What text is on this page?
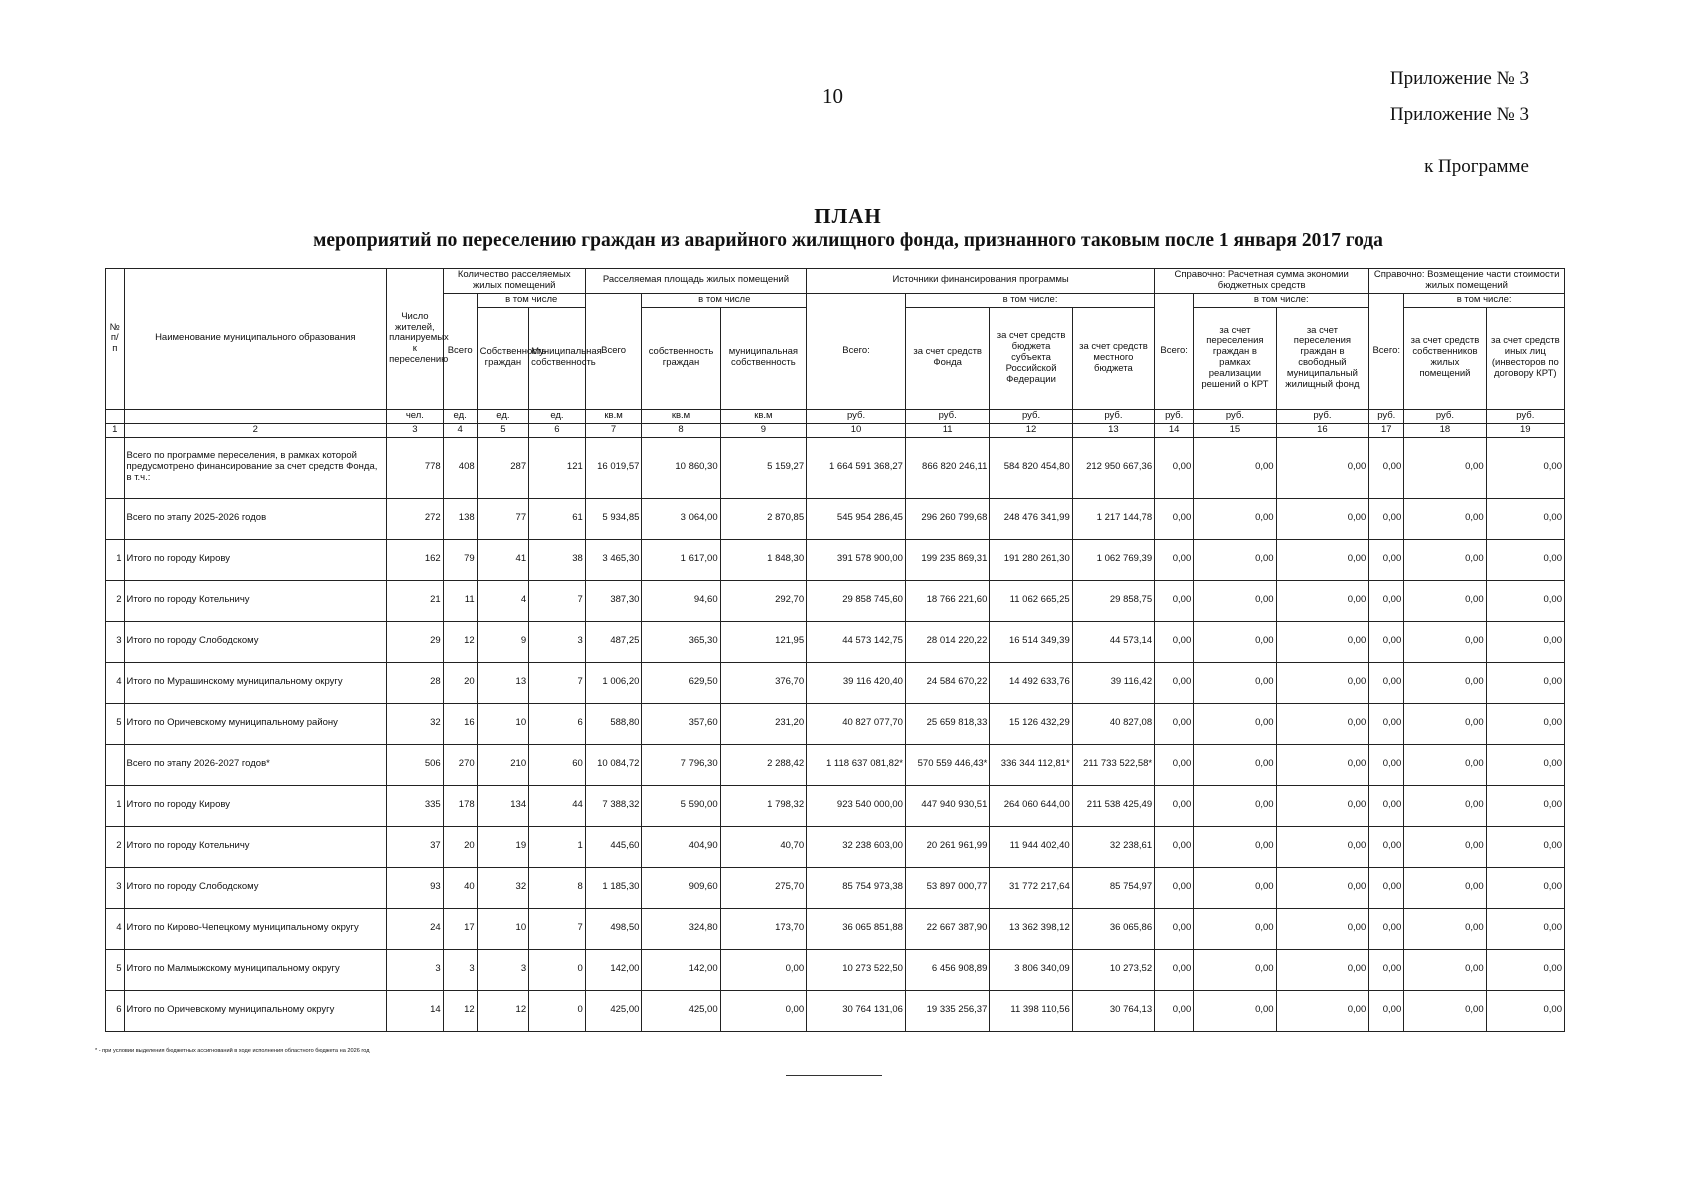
10
Приложение № 3
Приложение № 3
к Программе
ПЛАН
мероприятий по переселению граждан из аварийного жилищного фонда, признанного таковым после 1 января 2017 года
№ п/ п	Наименование муниципального образования	Число жителей, планируемых к переселению	Количество расселяемых жилых помещений			Расселяемая площадь жилых помещений			Источники финансирования программы				Справочно: Расчетная сумма экономии бюджетных средств			Справочно: Возмещение части стоимости жилых помещений		
			Всего	в том числе		Всего	в том числе		Всего:	в том числе:			Всего:	в том числе:		Всего:	в том числе:	
				Собственность граждан	Муниципальная собственность		собственность граждан	муниципальная собственность		за счет средств Фонда	за счет средств бюджета субъекта Российской Федерации	за счет средств местного бюджета		за счет переселения граждан в рамках реализации решений о КРТ	за счет переселения граждан в свободный муниципальный жилищный фонд		за счет средств собственников жилых помещений	за счет средств иных лиц (инвесторов по договору КРТ)
		чел.	ед.	ед.	ед.	кв.м	кв.м	кв.м	руб.	руб.	руб.	руб.	руб.	руб.	руб.	руб.	руб.	руб.
1	2	3	4	5	6	7	8	9	10	11	12	13	14	15	16	17	18	19
	Всего по программе переселения, в рамках которой предусмотрено финансирование за счет средств Фонда, в т.ч.:	778	408	287	121	16 019,57	10 860,30	5 159,27	1 664 591 368,27	866 820 246,11	584 820 454,80	212 950 667,36	0,00	0,00	0,00	0,00	0,00	0,00
	Всего по этапу 2025-2026 годов	272	138	77	61	5 934,85	3 064,00	2 870,85	545 954 286,45	296 260 799,68	248 476 341,99	1 217 144,78	0,00	0,00	0,00	0,00	0,00	0,00
1	Итого по городу Кирову	162	79	41	38	3 465,30	1 617,00	1 848,30	391 578 900,00	199 235 869,31	191 280 261,30	1 062 769,39	0,00	0,00	0,00	0,00	0,00	0,00
2	Итого по городу Котельничу	21	11	4	7	387,30	94,60	292,70	29 858 745,60	18 766 221,60	11 062 665,25	29 858,75	0,00	0,00	0,00	0,00	0,00	0,00
3	Итого по городу Слободскому	29	12	9	3	487,25	365,30	121,95	44 573 142,75	28 014 220,22	16 514 349,39	44 573,14	0,00	0,00	0,00	0,00	0,00	0,00
4	Итого по Мурашинскому муниципальному округу	28	20	13	7	1 006,20	629,50	376,70	39 116 420,40	24 584 670,22	14 492 633,76	39 116,42	0,00	0,00	0,00	0,00	0,00	0,00
5	Итого по Оричевскому муниципальному району	32	16	10	6	588,80	357,60	231,20	40 827 077,70	25 659 818,33	15 126 432,29	40 827,08	0,00	0,00	0,00	0,00	0,00	0,00
	Всего по этапу 2026-2027 годов*	506	270	210	60	10 084,72	7 796,30	2 288,42	1 118 637 081,82*	570 559 446,43*	336 344 112,81*	211 733 522,58*	0,00	0,00	0,00	0,00	0,00	0,00
1	Итого по городу Кирову	335	178	134	44	7 388,32	5 590,00	1 798,32	923 540 000,00	447 940 930,51	264 060 644,00	211 538 425,49	0,00	0,00	0,00	0,00	0,00	0,00
2	Итого по городу Котельничу	37	20	19	1	445,60	404,90	40,70	32 238 603,00	20 261 961,99	11 944 402,40	32 238,61	0,00	0,00	0,00	0,00	0,00	0,00
3	Итого по городу Слободскому	93	40	32	8	1 185,30	909,60	275,70	85 754 973,38	53 897 000,77	31 772 217,64	85 754,97	0,00	0,00	0,00	0,00	0,00	0,00
4	Итого по Кирово-Чепецкому муниципальному округу	24	17	10	7	498,50	324,80	173,70	36 065 851,88	22 667 387,90	13 362 398,12	36 065,86	0,00	0,00	0,00	0,00	0,00	0,00
5	Итого по Малмыжскому муниципальному округу	3	3	3	0	142,00	142,00	0,00	10 273 522,50	6 456 908,89	3 806 340,09	10 273,52	0,00	0,00	0,00	0,00	0,00	0,00
6	Итого по Оричевскому муниципальному округу	14	12	12	0	425,00	425,00	0,00	30 764 131,06	19 335 256,37	11 398 110,56	30 764,13	0,00	0,00	0,00	0,00	0,00	0,00
* - при условии выделения бюджетных ассигнований в ходе исполнения областного бюджета на 2026 год
